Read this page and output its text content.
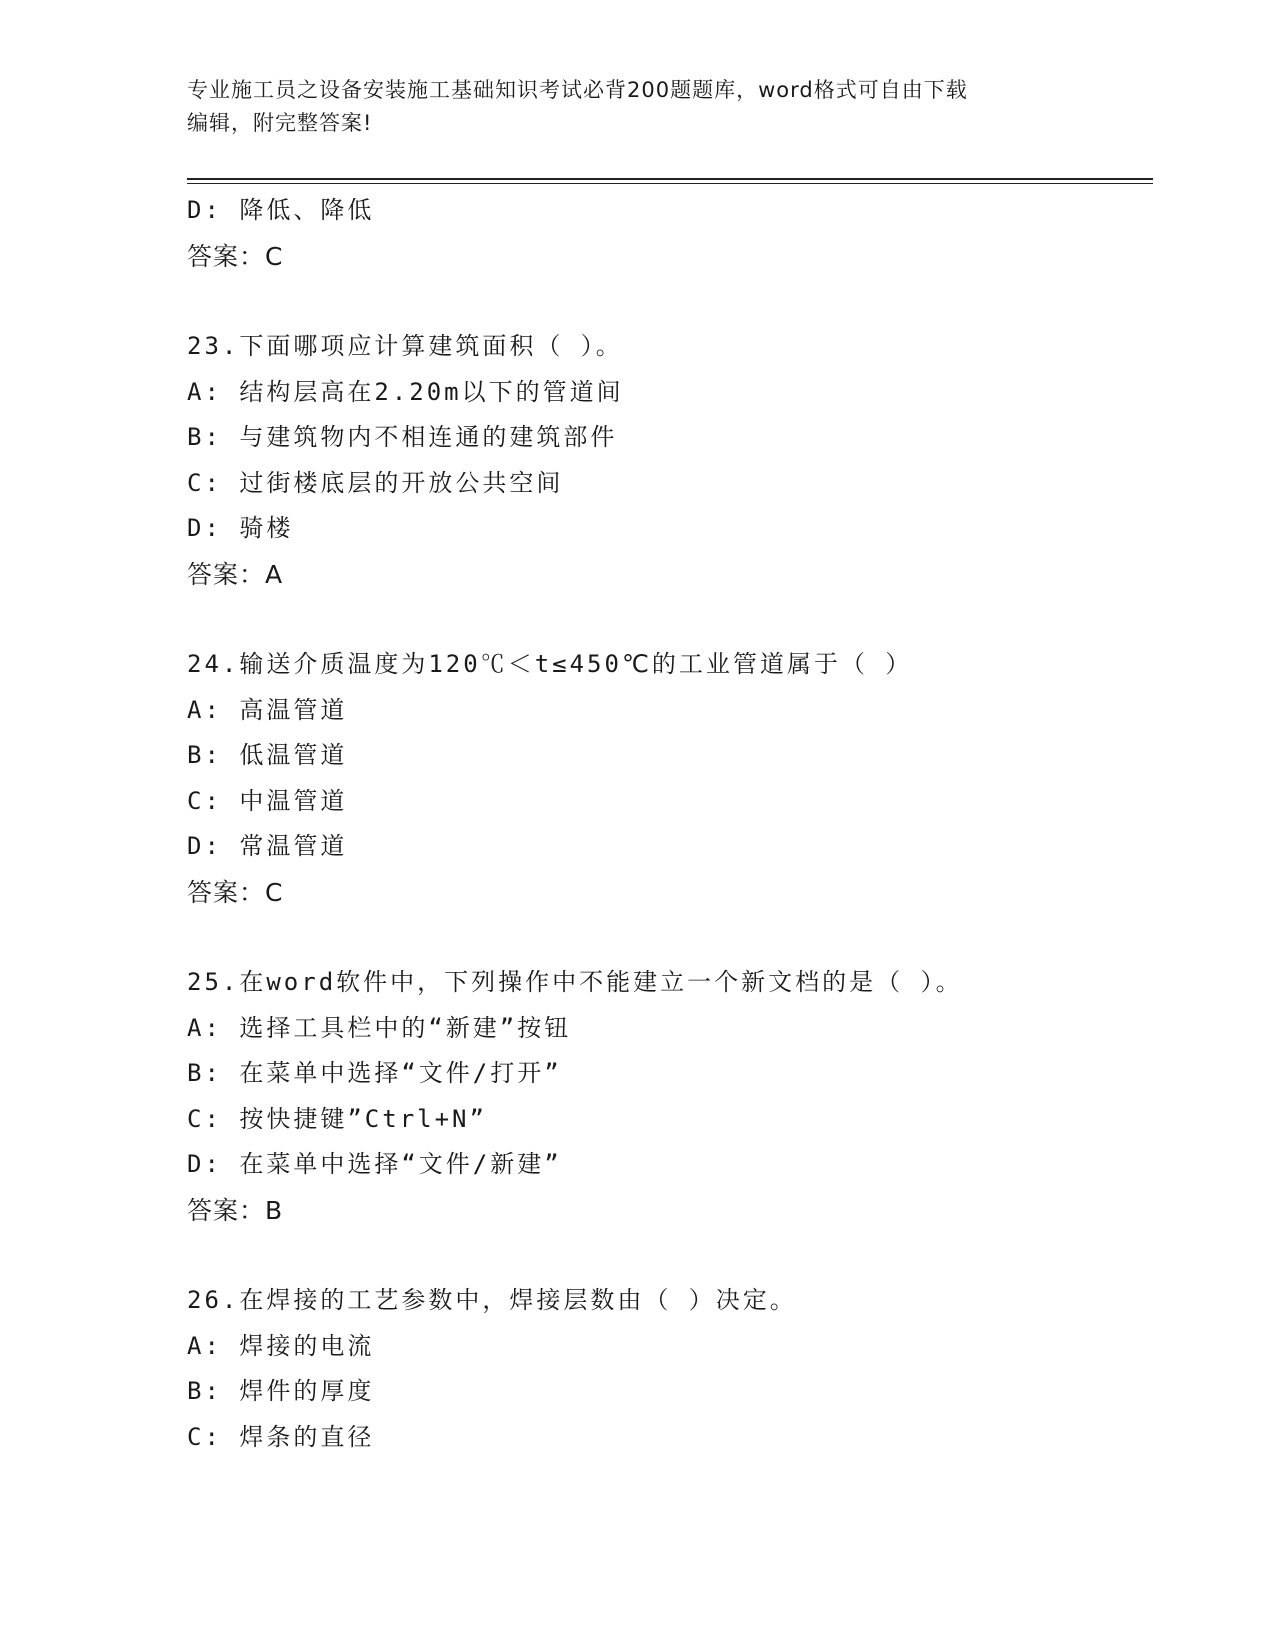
专业施工员之设备安装施工基础知识考试必背200题题库，word格式可自由下载
编辑，附完整答案!
D: 降低、降低
答案：C
23.下面哪项应计算建筑面积（ ）。
A: 结构层高在2.20m以下的管道间
B: 与建筑物内不相连通的建筑部件
C: 过街楼底层的开放公共空间
D: 骑楼
答案：A
24.输送介质温度为120℃＜t≤450℃的工业管道属于（ ）
A: 高温管道
B: 低温管道
C: 中温管道
D: 常温管道
答案：C
25.在word软件中，下列操作中不能建立一个新文档的是（ ）。
A: 选择工具栏中的“新建”按钮
B: 在菜单中选择“文件/打开”
C: 按快捷键”Ctrl+N”
D: 在菜单中选择“文件/新建”
答案：B
26.在焊接的工艺参数中，焊接层数由（ ）决定。
A: 焊接的电流
B: 焊件的厚度
C: 焊条的直径
